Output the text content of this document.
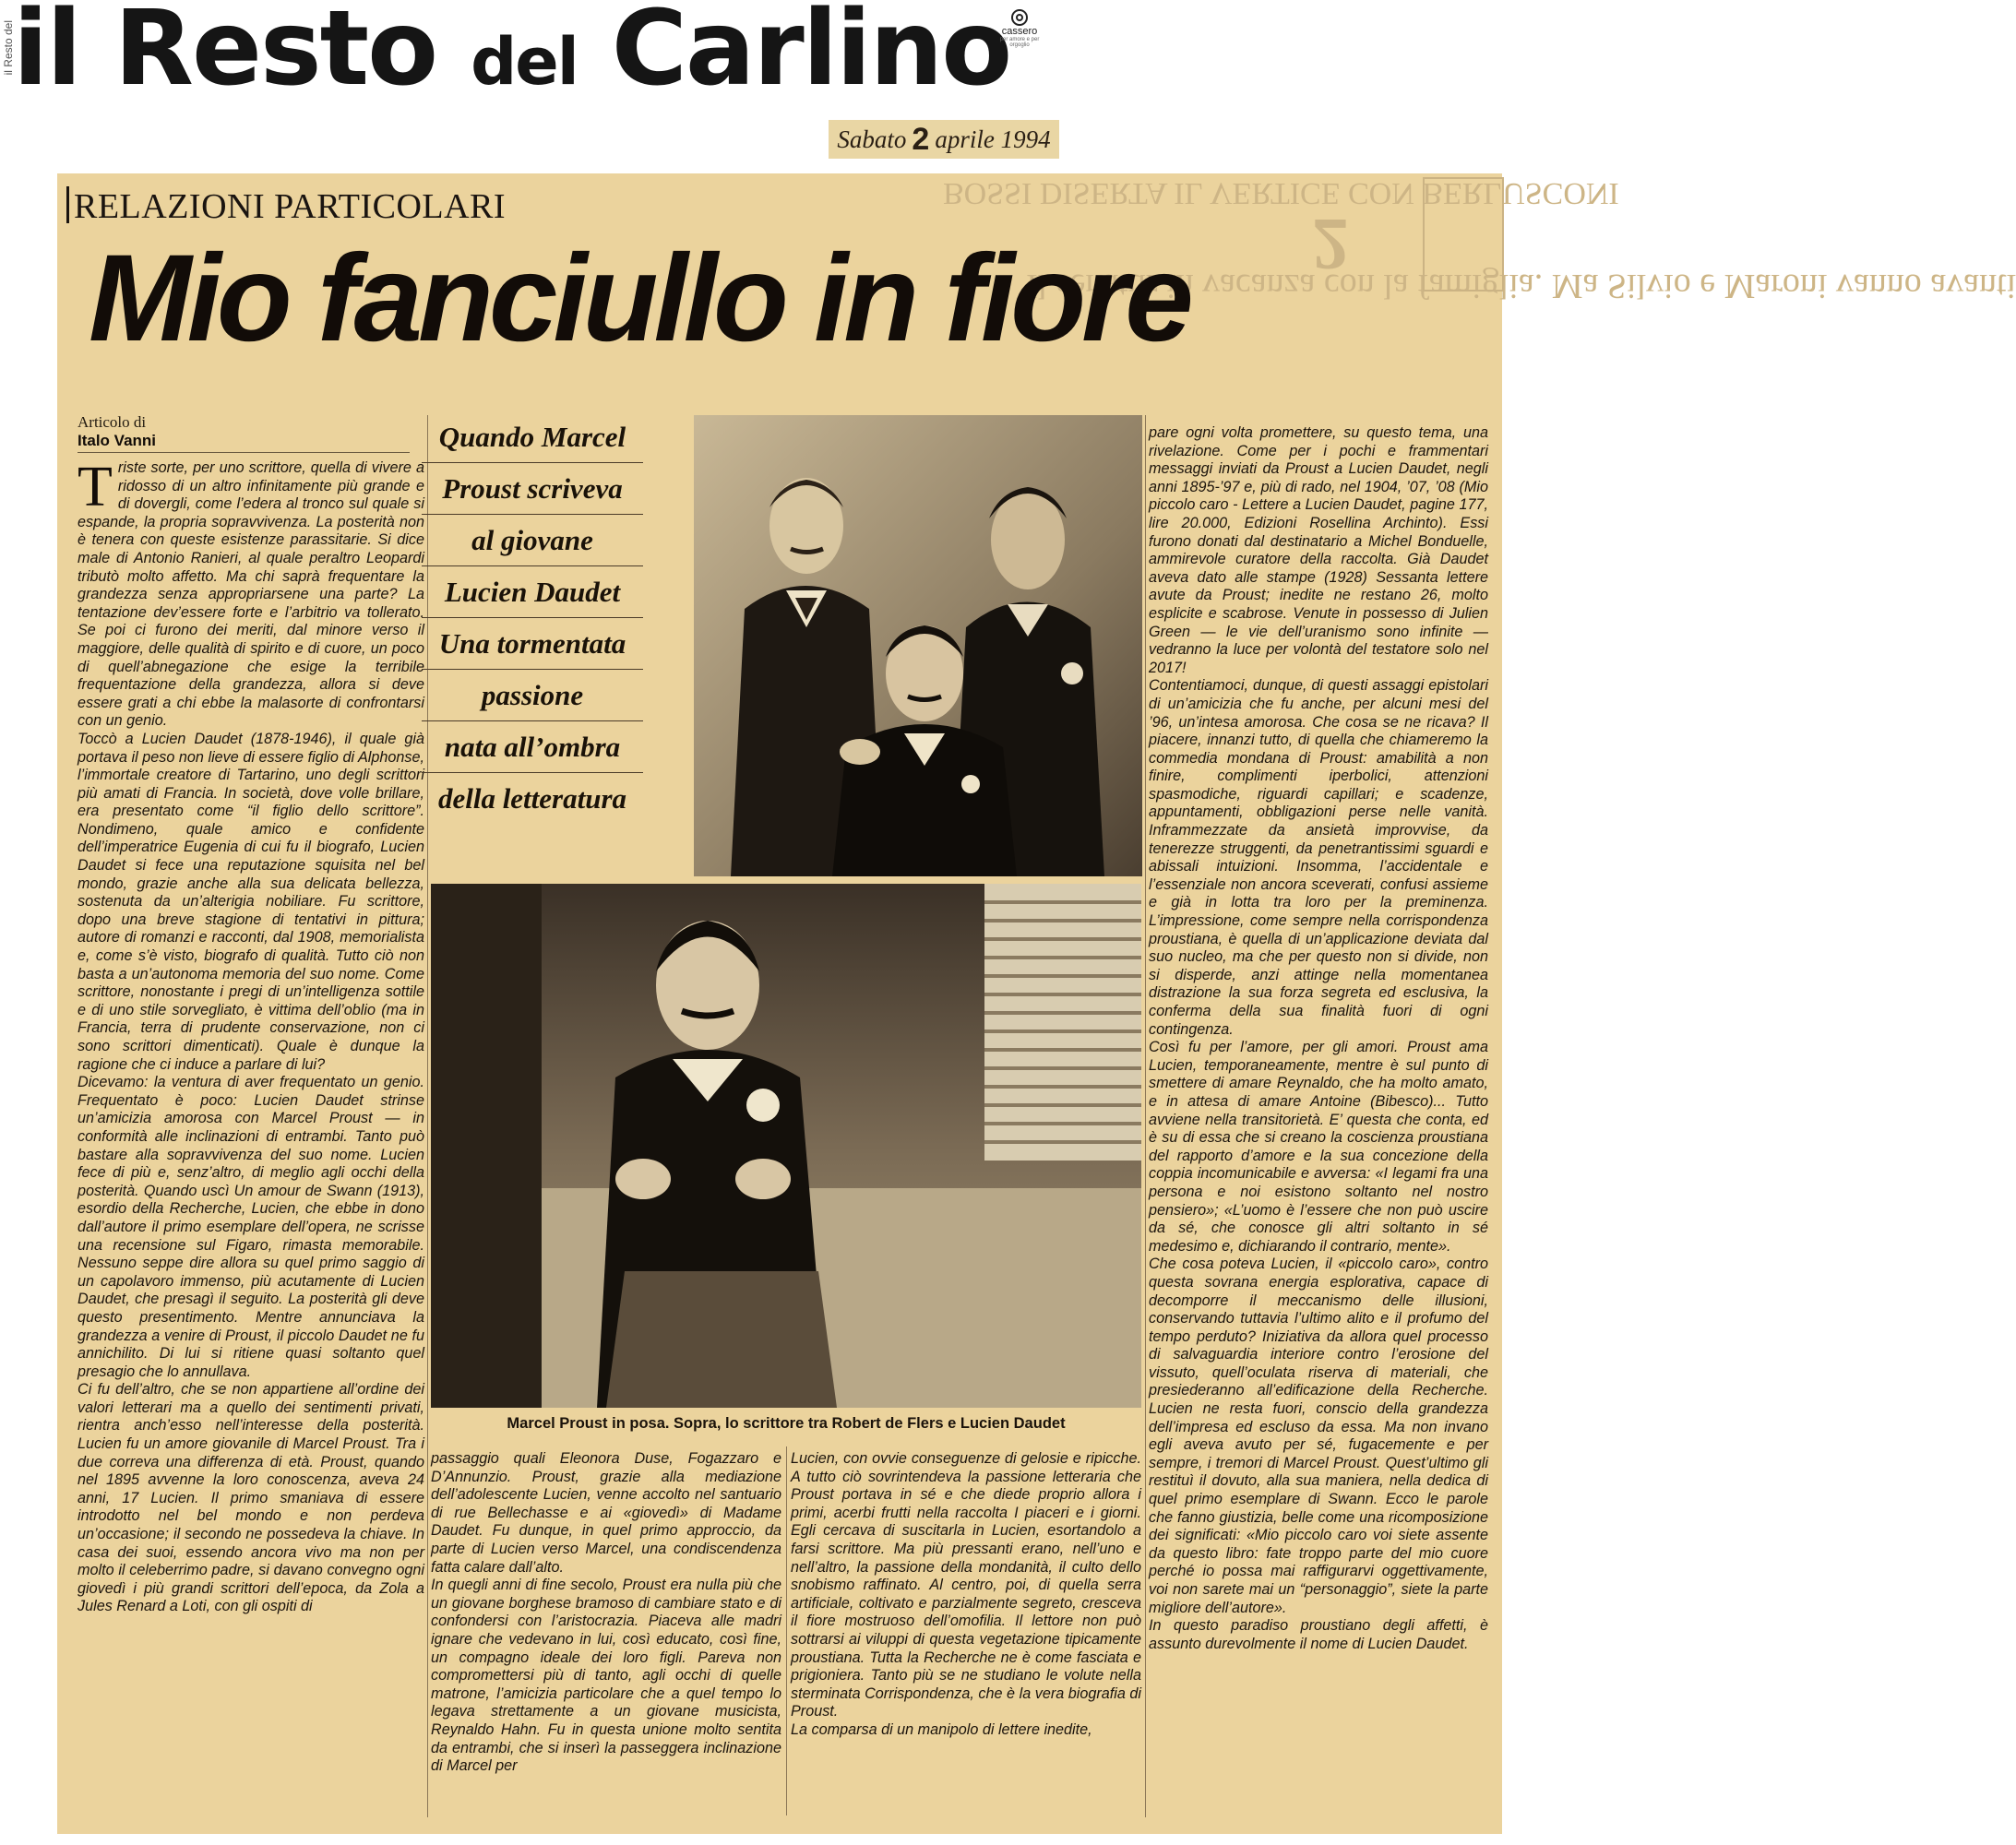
il Resto del
il Resto del Carlino
cassero
per amore e per orgoglio
Sabato 2 aprile 1994
BOSSI DISERTA IL VERTICE CON BERLUSCONI
Il senatur in vacanza con la famiglia. Ma Silvio e Maroni vanno avanti
2
RELAZIONI PARTICOLARI
Mio fanciullo in fiore
Articolo di
Italo Vanni

Triste sorte, per uno scrittore, quella di vivere a ridosso di un altro infinitamente più grande e di dovergli, come l’edera al tronco sul quale si espande, la propria sopravvivenza. La posterità non è tenera con queste esistenze parassitarie. Si dice male di Antonio Ranieri, al quale peraltro Leopardi tributò molto affetto. Ma chi saprà frequentare la grandezza senza appropriarsene una parte? La tentazione dev’essere forte e l’arbitrio va tollerato. Se poi ci furono dei meriti, dal minore verso il maggiore, delle qualità di spirito e di cuore, un poco di quell’abnegazione che esige la terribile frequentazione della grandezza, allora si deve essere grati a chi ebbe la malasorte di confrontarsi con un genio.

Toccò a Lucien Daudet (1878-1946), il quale già portava il peso non lieve di essere figlio di Alphonse, l’immortale creatore di Tartarino, uno degli scrittori più amati di Francia. In società, dove volle brillare, era presentato come “il figlio dello scrittore”. Nondimeno, quale amico e confidente dell’imperatrice Eugenia di cui fu il biografo, Lucien Daudet si fece una reputazione squisita nel bel mondo, grazie anche alla sua delicata bellezza, sostenuta da un’alterigia nobiliare. Fu scrittore, dopo una breve stagione di tentativi in pittura; autore di romanzi e racconti, dal 1908, memorialista e, come s’è visto, biografo di qualità. Tutto ciò non basta a un’autonoma memoria del suo nome. Come scrittore, nonostante i pregi di un’intelligenza sottile e di uno stile sorvegliato, è vittima dell’oblio (ma in Francia, terra di prudente conservazione, non ci sono scrittori dimenticati). Quale è dunque la ragione che ci induce a parlare di lui?

Dicevamo: la ventura di aver frequentato un genio. Frequentato è poco: Lucien Daudet strinse un’amicizia amorosa con Marcel Proust — in conformità alle inclinazioni di entrambi. Tanto può bastare alla sopravvivenza del suo nome. Lucien fece di più e, senz’altro, di meglio agli occhi della posterità. Quando uscì Un amour de Swann (1913), esordio della Recherche, Lucien, che ebbe in dono dall’autore il primo esemplare dell’opera, ne scrisse una recensione sul Figaro, rimasta memorabile. Nessuno seppe dire allora su quel primo saggio di un capolavoro immenso, più acutamente di Lucien Daudet, che presagì il seguito. La posterità gli deve questo presentimento. Mentre annunciava la grandezza a venire di Proust, il piccolo Daudet ne fu annichilito. Di lui si ritiene quasi soltanto quel presagio che lo annullava.

Ci fu dell’altro, che se non appartiene all’ordine dei valori letterari ma a quello dei sentimenti privati, rientra anch’esso nell’interesse della posterità. Lucien fu un amore giovanile di Marcel Proust. Tra i due correva una differenza di età. Proust, quando nel 1895 avvenne la loro conoscenza, aveva 24 anni, 17 Lucien. Il primo smaniava di essere introdotto nel bel mondo e non perdeva un’occasione; il secondo ne possedeva la chiave. In casa dei suoi, essendo ancora vivo ma non per molto il celeberrimo padre, si davano convegno ogni giovedì i più grandi scrittori dell’epoca, da Zola a Jules Renard a Loti, con gli ospiti di

Quando Marcel
Proust scriveva
al giovane
Lucien Daudet
Una tormentata
passione
nata all’ombra
della letteratura
Marcel Proust in posa. Sopra, lo scrittore tra Robert de Flers e Lucien Daudet

passaggio quali Eleonora Duse, Fogazzaro e D’Annunzio. Proust, grazie alla mediazione dell’adolescente Lucien, venne accolto nel santuario di rue Bellechasse e ai «giovedì» di Madame Daudet. Fu dunque, in quel primo approccio, da parte di Lucien verso Marcel, una condiscendenza fatta calare dall’alto.

In quegli anni di fine secolo, Proust era nulla più che un giovane borghese bramoso di cambiare stato e di confondersi con l’aristocrazia. Piaceva alle madri ignare che vedevano in lui, così educato, così fine, un compagno ideale dei loro figli. Pareva non compromettersi più di tanto, agli occhi di quelle matrone, l’amicizia particolare che a quel tempo lo legava strettamente a un giovane musicista, Reynaldo Hahn. Fu in questa unione molto sentita da entrambi, che si inserì la passeggera inclinazione di Marcel per

Lucien, con ovvie conseguenze di gelosie e ripicche. A tutto ciò sovrintendeva la passione letteraria che Proust portava in sé e che diede proprio allora i primi, acerbi frutti nella raccolta I piaceri e i giorni. Egli cercava di suscitarla in Lucien, esortandolo a farsi scrittore. Ma più pressanti erano, nell’uno e nell’altro, la passione della mondanità, il culto dello snobismo raffinato. Al centro, poi, di quella serra artificiale, coltivato e parzialmente segreto, cresceva il fiore mostruoso dell’omofilia. Il lettore non può sottrarsi ai viluppi di questa vegetazione tipicamente proustiana. Tutta la Recherche ne è come fasciata e prigioniera. Tanto più se ne studiano le volute nella sterminata Corrispondenza, che è la vera biografia di Proust.

La comparsa di un manipolo di lettere inedite,

pare ogni volta promettere, su questo tema, una rivelazione. Come per i pochi e frammentari messaggi inviati da Proust a Lucien Daudet, negli anni 1895-’97 e, più di rado, nel 1904, ’07, ’08 (Mio piccolo caro - Lettere a Lucien Daudet, pagine 177, lire 20.000, Edizioni Rosellina Archinto). Essi furono donati dal destinatario a Michel Bonduelle, ammirevole curatore della raccolta. Già Daudet aveva dato alle stampe (1928) Sessanta lettere avute da Proust; inedite ne restano 26, molto esplicite e scabrose. Venute in possesso di Julien Green — le vie dell’uranismo sono infinite — vedranno la luce per volontà del testatore solo nel 2017!

Contentiamoci, dunque, di questi assaggi epistolari di un’amicizia che fu anche, per alcuni mesi del ’96, un’intesa amorosa. Che cosa se ne ricava? Il piacere, innanzi tutto, di quella che chiameremo la commedia mondana di Proust: amabilità a non finire, complimenti iperbolici, attenzioni spasmodiche, riguardi capillari; e scadenze, appuntamenti, obbligazioni perse nelle vanità. Inframmezzate da ansietà improvvise, da tenerezze struggenti, da penetrantissimi sguardi e abissali intuizioni. Insomma, l’accidentale e l’essenziale non ancora sceverati, confusi assieme e già in lotta tra loro per la preminenza. L’impressione, come sempre nella corrispondenza proustiana, è quella di un’applicazione deviata dal suo nucleo, ma che per questo non si divide, non si disperde, anzi attinge nella momentanea distrazione la sua forza segreta ed esclusiva, la conferma della sua finalità fuori di ogni contingenza.

Così fu per l’amore, per gli amori. Proust ama Lucien, temporaneamente, mentre è sul punto di smettere di amare Reynaldo, che ha molto amato, e in attesa di amare Antoine (Bibesco)... Tutto avviene nella transitorietà. E’ questa che conta, ed è su di essa che si creano la coscienza proustiana del rapporto d’amore e la sua concezione della coppia incomunicabile e avversa: «I legami fra una persona e noi esistono soltanto nel nostro pensiero»; «L’uomo è l’essere che non può uscire da sé, che conosce gli altri soltanto in sé medesimo e, dichiarando il contrario, mente».

Che cosa poteva Lucien, il «piccolo caro», contro questa sovrana energia esplorativa, capace di decomporre il meccanismo delle illusioni, conservando tuttavia l’ultimo alito e il profumo del tempo perduto? Iniziativa da allora quel processo di salvaguardia interiore contro l’erosione del vissuto, quell’oculata riserva di materiali, che presiederanno all’edificazione della Recherche. Lucien ne resta fuori, conscio della grandezza dell’impresa ed escluso da essa. Ma non invano egli aveva avuto per sé, fugacemente e per sempre, i tremori di Marcel Proust. Quest’ultimo gli restituì il dovuto, alla sua maniera, nella dedica di quel primo esemplare di Swann. Ecco le parole che fanno giustizia, belle come una ricomposizione dei significati: «Mio piccolo caro voi siete assente da questo libro: fate troppo parte del mio cuore perché io possa mai raffigurarvi oggettivamente, voi non sarete mai un “personaggio”, siete la parte migliore dell’autore».

In questo paradiso proustiano degli affetti, è assunto durevolmente il nome di Lucien Daudet.
